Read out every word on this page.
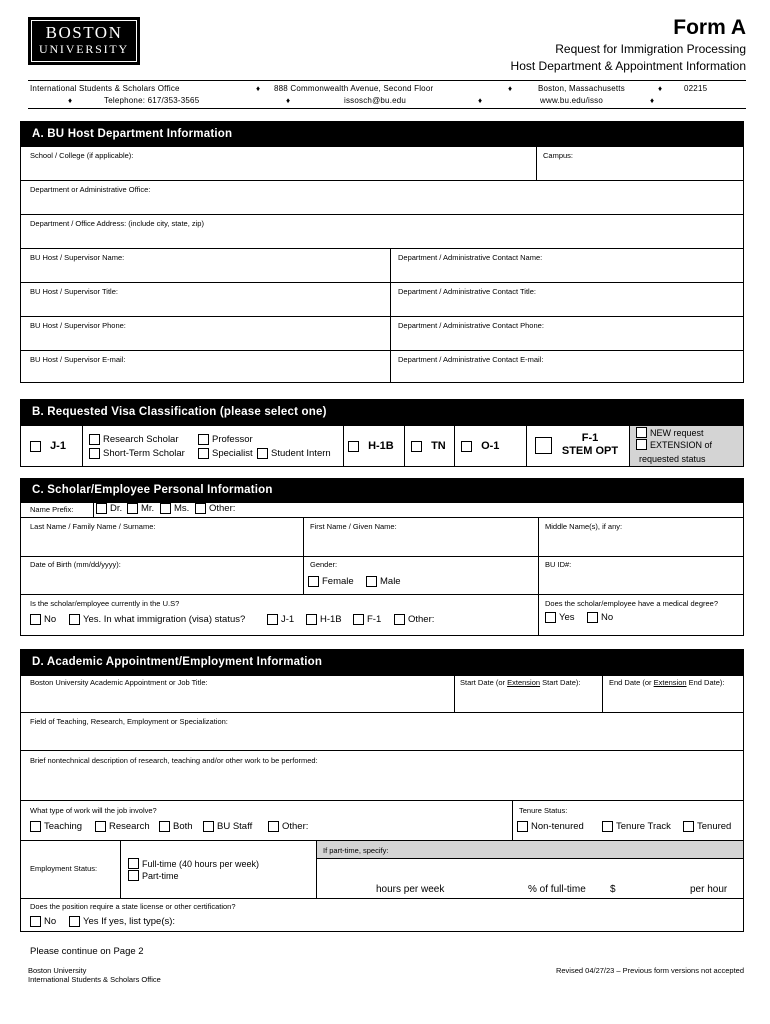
BOSTON
UNIVERSITY
Form A
Request for Immigration Processing
Host Department & Appointment Information
International Students & Scholars Office	♦ 888 Commonwealth Avenue, Second Floor	♦	Boston, Massachusetts	♦	02215
♦	Telephone: 617/353-3565	♦	issosch@bu.edu	♦	www.bu.edu/isso	♦
A. BU Host Department Information
School / College (if applicable):	Campus:
Department or Administrative Office:
Department / Office Address: (include city, state, zip)
BU Host / Supervisor Name:	Department / Administrative Contact Name:
BU Host / Supervisor Title:	Department / Administrative Contact Title:
BU Host / Supervisor Phone:	Department / Administrative Contact Phone:
BU Host / Supervisor E-mail:	Department / Administrative Contact E-mail:
B. Requested Visa Classification (please select one)

J-1
Research Scholar
Short-Term Scholar
Professor
Specialist Student Intern

H-1B
	TN
	O-1
F-1
STEM OPT
NEW request
EXTENSION of
requested status
C. Scholar/Employee Personal Information
Name Prefix:	Dr. Mr. Ms. Other:
Last Name / Family Name / Surname:	First Name / Given Name:	Middle Name(s), if any:
Date of Birth (mm/dd/yyyy):	Gender:
Female	Male
BU ID#:
Is the scholar/employee currently in the U.S?
No	Yes. In what immigration (visa) status?	J-1	H-1B	F-1	Other:
Does the scholar/employee have a medical degree?
Yes	No
D. Academic Appointment/Employment Information
Boston University Academic Appointment or Job Title:	Start Date (or Extension Start Date):	End Date (or Extension End Date):
Field of Teaching, Research, Employment or Specialization:
Brief nontechnical description of research, teaching and/or other work to be performed:
What type of work will the job involve?
Teaching	Research Both	BU Staff	Other:
Tenure Status:
Non-tenured	Tenure Track	Tenured
If part-time, specify:
Employment Status:	Full-time (40 hours per week)
Part-time
hours per week	% of full-time $	per hour
Does the position require a state license or other certification?
No	Yes If yes, list type(s):
Please continue on Page 2
Boston University
International Students & Scholars Office
Revised 04/27/23 – Previous form versions not accepted
